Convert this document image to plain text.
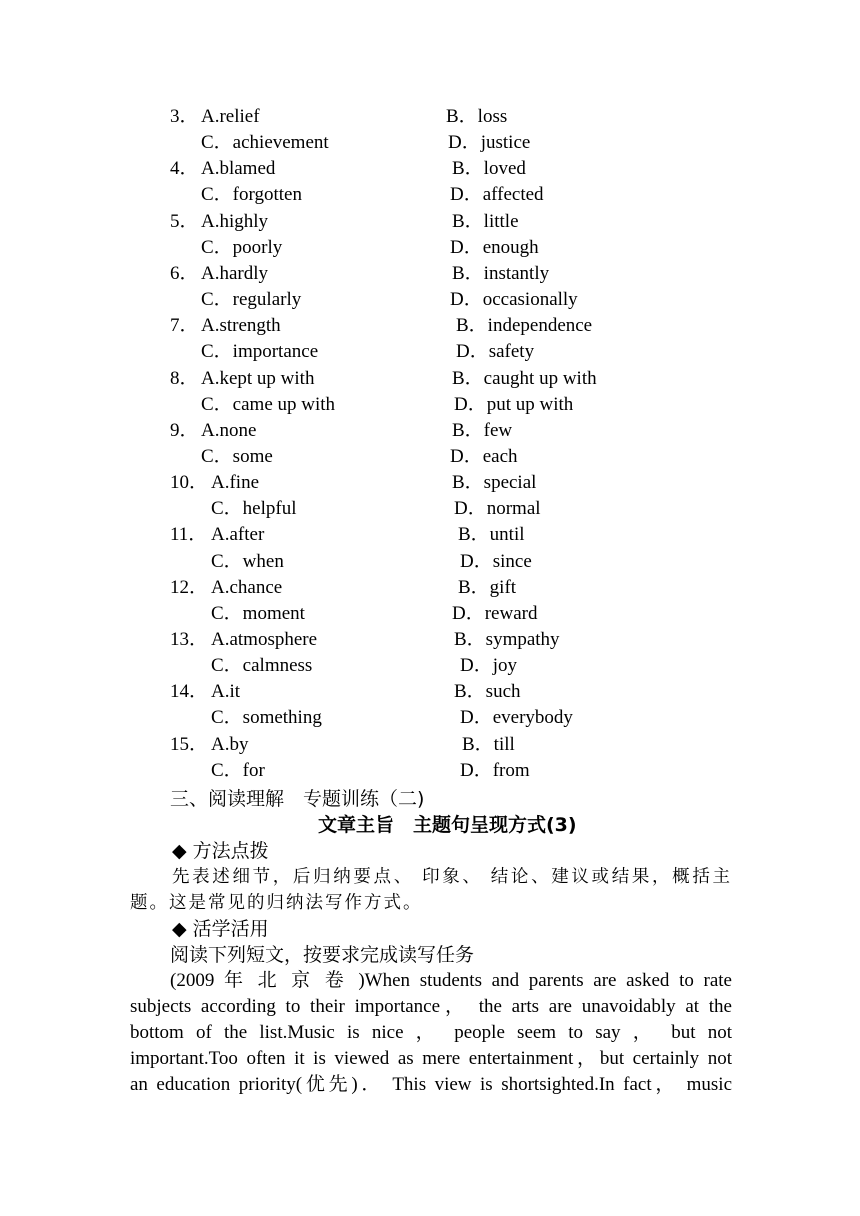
3． A.relief	B．loss
C．achievement	D．justice
4． A.blamed	B．loved
C．forgotten	D．affected
5． A.highly	B．little
C．poorly	D．enough
6． A.hardly	B．instantly
C．regularly	D．occasionally
7． A.strength	B．independence
C．importance	D．safety
8． A.kept up with	B．caught up with
C．came up with	D．put up with
9． A.none	B．few
C．some	D．each
10． A.fine	B．special
C．helpful	D．normal
11． A.after	B．until
C．when	D．since
12． A.chance	B．gift
C．moment	D．reward
13． A.atmosphere	B．sympathy
C．calmness	D．joy
14． A.it	B．such
C．something	D．everybody
15． A.by	B．till
C．for	D．from
三、阅读理解　专题训练（二)
文章主旨　主题句呈现方式(3)
◆ 方法点拨
先表述细节，后归纳要点、 印象、 结论、建议或结果，概括主
题。这是常见的归纳法写作方式。
◆ 活学活用
阅读下列短文，按要求完成读写任务
(2009 年 北 京 卷 )When students and parents are asked to rate
subjects according to their importance， the arts are unavoidably at the
bottom of the list.Music is nice ， people seem to say ， but not
important.Too often it is viewed as mere entertainment，but certainly not
an education priority(优先)． This view is shortsighted.In fact， music
